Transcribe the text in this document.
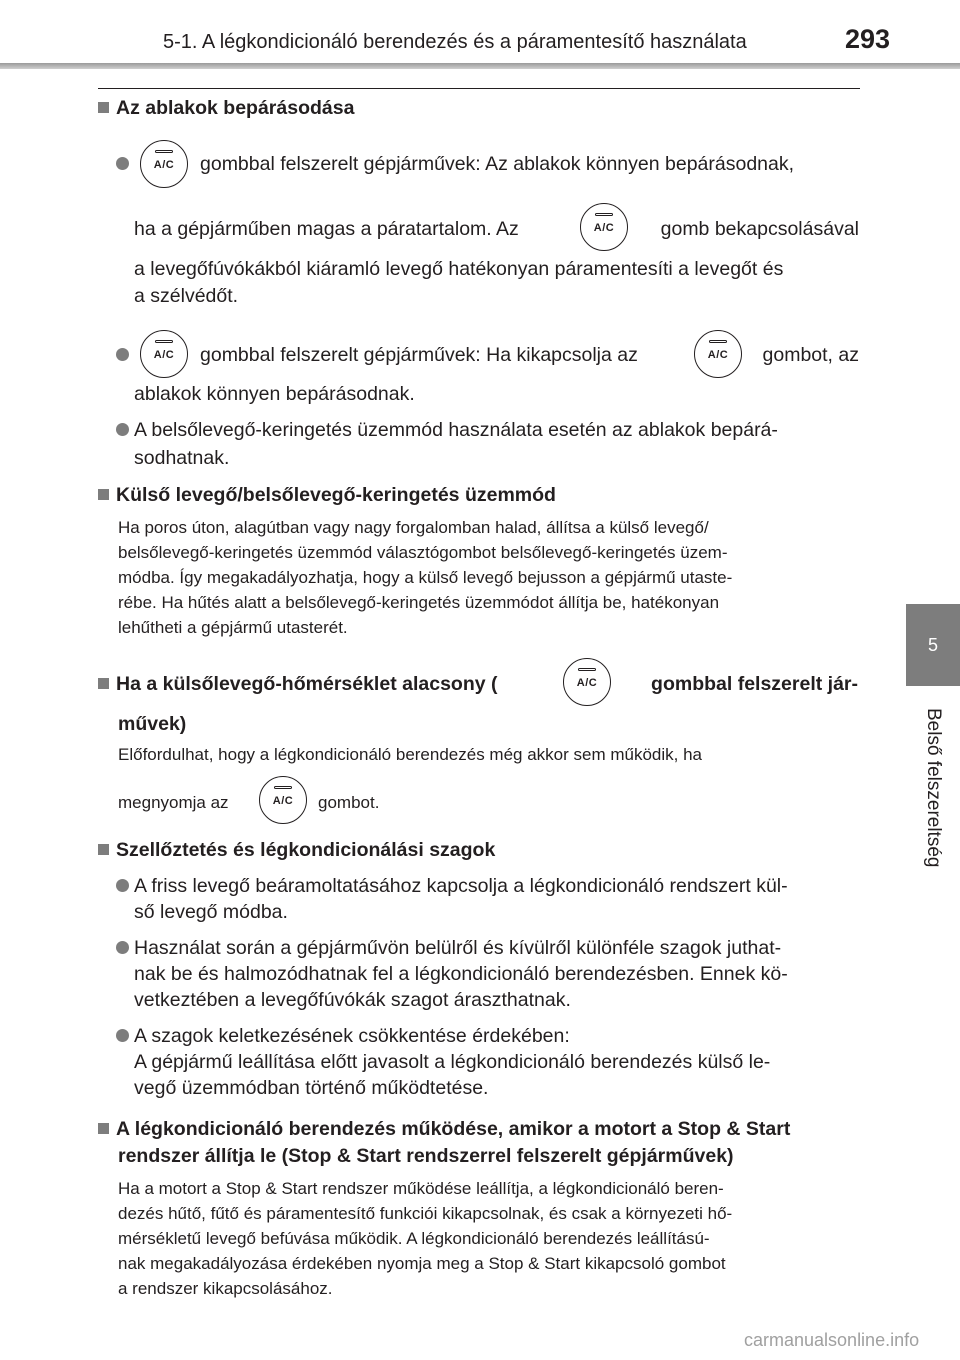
5-1. A légkondicionáló berendezés és a páramentesítő használata	293
5
Belső felszereltség
Az ablakok bepárásodása
A/C	gombbal felszerelt gépjárművek: Az ablakok könnyen bepárásodnak,
ha a gépjárműben magas a páratartalom. Az	gomb bekapcsolásával
A/C
a levegőfúvókákból kiáramló levegő hatékonyan páramentesíti a levegőt és
a szélvédőt.
A/C	gombbal felszerelt gépjárművek: Ha kikapcsolja az	gombot, az
A/C
ablakok könnyen bepárásodnak.
A belsőlevegő-keringetés üzemmód használata esetén az ablakok bepárá-
sodhatnak.
Külső levegő/belsőlevegő-keringetés üzemmód
Ha poros úton, alagútban vagy nagy forgalomban halad, állítsa a külső levegő/
belsőlevegő-keringetés üzemmód választógombot belsőlevegő-keringetés üzem-
módba. Így megakadályozhatja, hogy a külső levegő bejusson a gépjármű utaste-
rébe. Ha hűtés alatt a belsőlevegő-keringetés üzemmódot állítja be, hatékonyan
lehűtheti a gépjármű utasterét.
Ha a külsőlevegő-hőmérséklet alacsony (	gombbal felszerelt jár-
A/C
művek)
Előfordulhat, hogy a légkondicionáló berendezés még akkor sem működik, ha
megnyomja az	A/C	gombot.
Szellőztetés és légkondicionálási szagok
A friss levegő beáramoltatásához kapcsolja a légkondicionáló rendszert kül-
ső levegő módba.
Használat során a gépjárművön belülről és kívülről különféle szagok juthat-
nak be és halmozódhatnak fel a légkondicionáló berendezésben. Ennek kö-
vetkeztében a levegőfúvókák szagot áraszthatnak.
A szagok keletkezésének csökkentése érdekében:
A gépjármű leállítása előtt javasolt a légkondicionáló berendezés külső le-
vegő üzemmódban történő működtetése.
A légkondicionáló berendezés működése, amikor a motort a Stop & Start
rendszer állítja le (Stop & Start rendszerrel felszerelt gépjárművek)
Ha a motort a Stop & Start rendszer működése leállítja, a légkondicionáló beren-
dezés hűtő, fűtő és páramentesítő funkciói kikapcsolnak, és csak a környezeti hő-
mérsékletű levegő befúvása működik. A légkondicionáló berendezés leállítású-
nak megakadályozása érdekében nyomja meg a Stop & Start kikapcsoló gombot
a rendszer kikapcsolásához.
carmanualsonline.info
